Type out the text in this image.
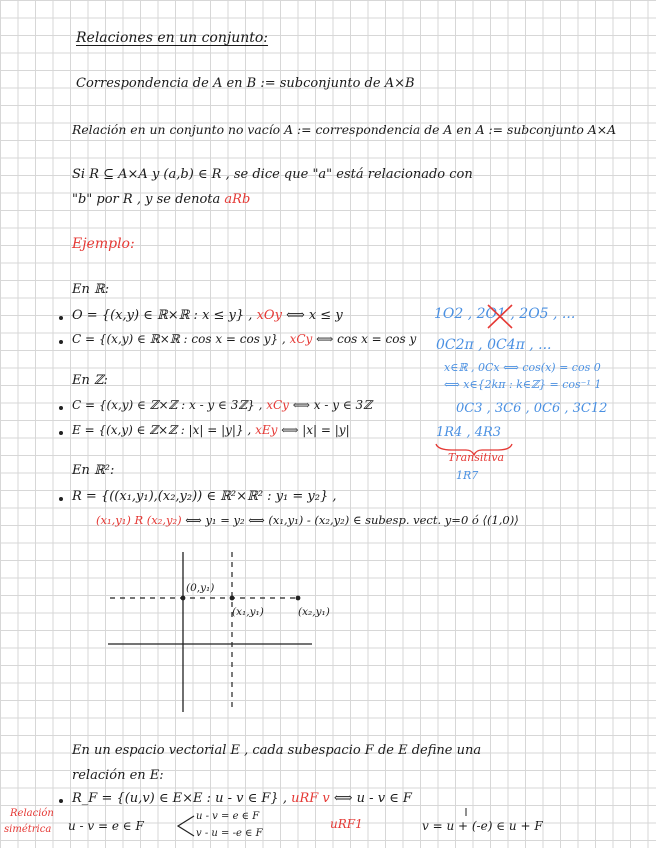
Relaciones en un conjunto:
Correspondencia de A en B := subconjunto de A×B
Relación en un conjunto no vacío A := correspondencia de A en A := subconjunto A×A
Si R ⊆ A×A y (a,b) ∈ R , se dice que "a" está relacionado con
"b" por R , y se denota aRb
Ejemplo:
En ℝ:
O = {(x,y) ∈ ℝ×ℝ : x ≤ y} , xOy ⟺ x ≤ y
C = {(x,y) ∈ ℝ×ℝ : cos x = cos y} , xCy ⟺ cos x = cos y
En ℤ:
C = {(x,y) ∈ ℤ×ℤ : x - y ∈ 3ℤ} , xCy ⟺ x - y ∈ 3ℤ
E = {(x,y) ∈ ℤ×ℤ : |x| = |y|} , xEy ⟺ |x| = |y|
En ℝ²:
R = {((x₁,y₁),(x₂,y₂)) ∈ ℝ²×ℝ² : y₁ = y₂} ,
(x₁,y₁) R (x₂,y₂) ⟺ y₁ = y₂ ⟺ (x₁,y₁) - (x₂,y₂) ∈ subesp. vect. y=0 ó ⟨(1,0)⟩
1O2 , 2O1 , 2O5 , ...
0C2π , 0C4π , ...
x∈ℝ , 0Cx ⟺ cos(x) = cos 0
⟺ x∈{2kπ : k∈ℤ} = cos⁻¹ 1
0C3 , 3C6 , 0C6 , 3C12
1R4 , 4R3
Transitiva
1R7
(0,y₁)
(x₁,y₁)	(x₂,y₁)
En un espacio vectorial E , cada subespacio F de E define una
relación en E:
R_F = {(u,v) ∈ E×E : u - v ∈ F} , uRF v ⟺ u - v ∈ F
Relación
simétrica u - v = e ∈ F
u - v = e ∈ F
v - u = -e ∈ F
uRF1	v = u + (-e) ∈ u + F
